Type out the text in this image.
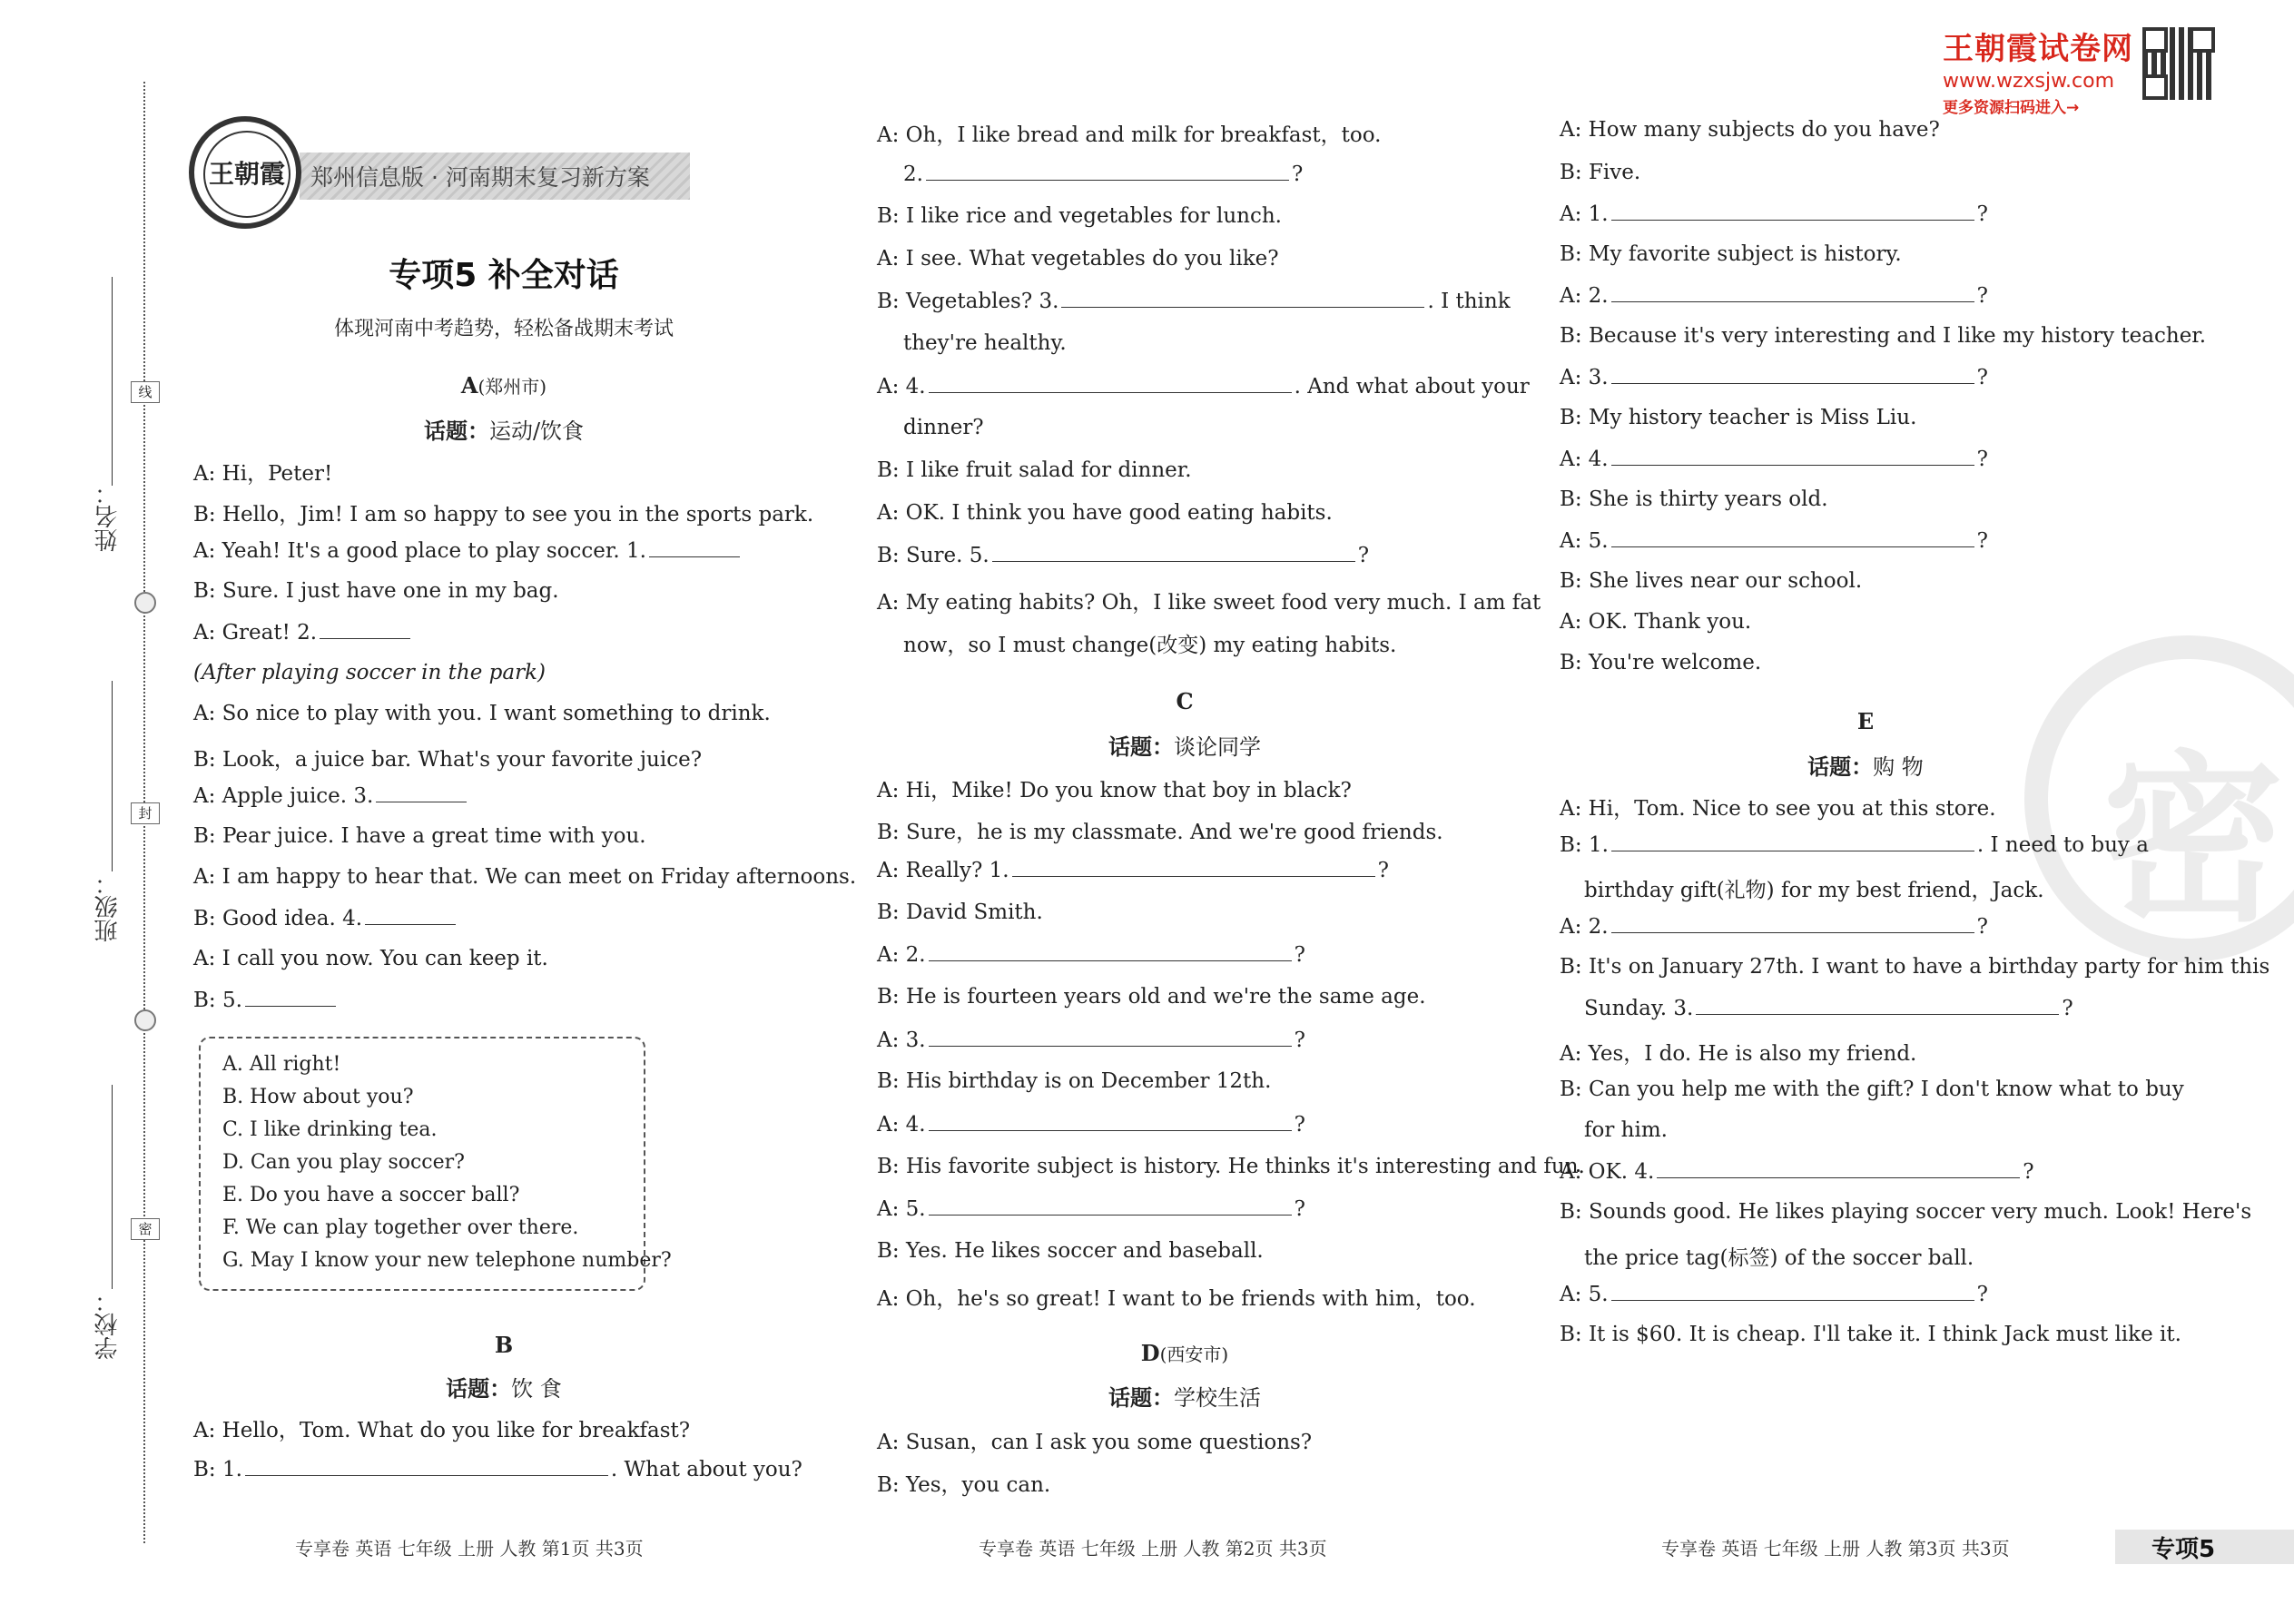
王朝霞试卷网
www.wzxsjw.com
更多资源扫码进入→
密
线
封
密
姓名：
班级：
学校：
郑州信息版 · 河南期末复习新方案
王朝霞
专项5 补全对话
体现河南中考趋势，轻松备战期末考试
A(郑州市)
话题：运动/饮食
A: Hi，Peter!
B: Hello，Jim! I am so happy to see you in the sports park.
A: Yeah! It's a good place to play soccer. 1.
B: Sure. I just have one in my bag.
A: Great! 2.
(After playing soccer in the park)
A: So nice to play with you. I want something to drink.
B: Look，a juice bar. What's your favorite juice?
A: Apple juice. 3.
B: Pear juice. I have a great time with you.
A: I am happy to hear that. We can meet on Friday afternoons.
B: Good idea. 4.
A: I call you now. You can keep it.
B: 5.
A. All right!
B. How about you?
C. I like drinking tea.
D. Can you play soccer?
E. Do you have a soccer ball?
F. We can play together over there.
G. May I know your new telephone number?
B
话题：饮 食
A: Hello，Tom. What do you like for breakfast?
B: 1.	. What about you?
A: Oh，I like bread and milk for breakfast，too.
2.	?
B: I like rice and vegetables for lunch.
A: I see. What vegetables do you like?
B: Vegetables? 3.	. I think
they're healthy.
A: 4.	. And what about your
dinner?
B: I like fruit salad for dinner.
A: OK. I think you have good eating habits.
B: Sure. 5.	?
A: My eating habits? Oh，I like sweet food very much. I am fat
now，so I must change(改变) my eating habits.
C
话题：谈论同学
A: Hi，Mike! Do you know that boy in black?
B: Sure，he is my classmate. And we're good friends.
A: Really? 1.	?
B: David Smith.
A: 2.	?
B: He is fourteen years old and we're the same age.
A: 3.	?
B: His birthday is on December 12th.
A: 4.	?
B: His favorite subject is history. He thinks it's interesting and fun.
A: 5.	?
B: Yes. He likes soccer and baseball.
A: Oh，he's so great! I want to be friends with him，too.
D(西安市)
话题：学校生活
A: Susan，can I ask you some questions?
B: Yes，you can.
A: How many subjects do you have?
B: Five.
A: 1.	?
B: My favorite subject is history.
A: 2.	?
B: Because it's very interesting and I like my history teacher.
A: 3.	?
B: My history teacher is Miss Liu.
A: 4.	?
B: She is thirty years old.
A: 5.	?
B: She lives near our school.
A: OK. Thank you.
B: You're welcome.
E
话题：购 物
A: Hi，Tom. Nice to see you at this store.
B: 1.	. I need to buy a
birthday gift(礼物) for my best friend，Jack.
A: 2.	?
B: It's on January 27th. I want to have a birthday party for him this
Sunday. 3.	?
A: Yes，I do. He is also my friend.
B: Can you help me with the gift? I don't know what to buy
for him.
A: OK. 4.	?
B: Sounds good. He likes playing soccer very much. Look! Here's
the price tag(标签) of the soccer ball.
A: 5.	?
B: It is $60. It is cheap. I'll take it. I think Jack must like it.
专享卷 英语 七年级 上册 人教 第1页 共3页	专享卷 英语 七年级 上册 人教 第2页 共3页	专享卷 英语 七年级 上册 人教 第3页 共3页	专项5
